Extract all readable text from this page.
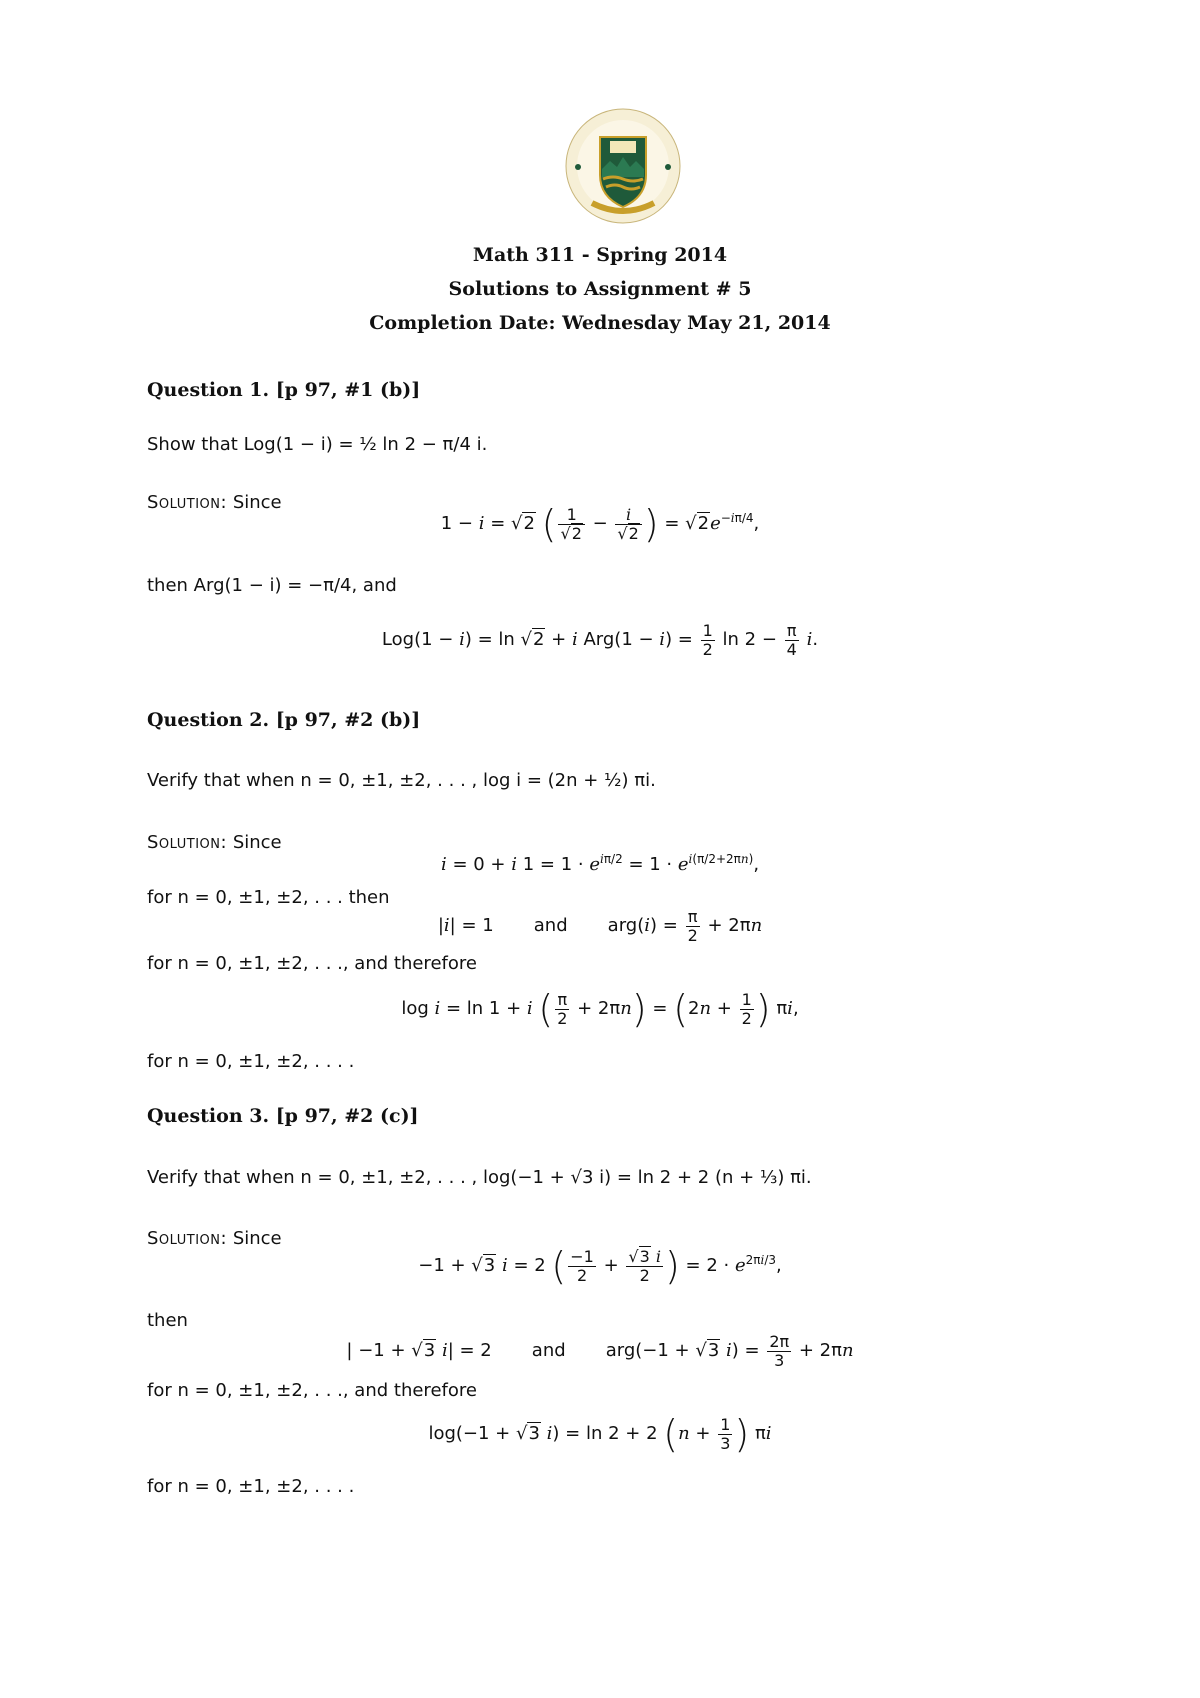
Math 311 - Spring 2014
Solutions to Assignment # 5
Completion Date: Wednesday May 21, 2014
Question 1. [p 97, #1 (b)]
Show that Log(1 − i) = ½ ln 2 − π/4 i.
Solution: Since
1 − i = √2 ( $\frac{1}{√2} - \frac{i}{√2}$ ) = $√2e^{-i\pi/4}$,
then Arg(1 − i) = −π/4, and
Log(1 − i) = ln √2 + i $Arg(1 - i) = \frac{1}{2}$ $\ln 2 - \frac{\pi}{4} i$.
Question 2. [p 97, #2 (b)]
Verify that when n = 0, ±1, ±2, . . . , log i = (2n + ½) πi.
Solution: Since
i = 0 + i $1 = 1 \cdot e^{i\pi/2} = 1 \cdot e^{i(\pi/2+2\pi n)}$,
for n = 0, ±1, ±2, . . . then
|i| = 1       and       $arg(i) = \frac{\pi}{2} + 2\pi n$
for n = 0, ±1, ±2, . . ., and therefore
log i = ln 1 + i ( $\frac{\pi}{2} + 2\pi n) = (2n + \frac{1}{2}$ ) πi,
for n = 0, ±1, ±2, . . . .
Question 3. [p 97, #2 (c)]
Verify that when n = 0, ±1, ±2, . . . , log(−1 + √3 i) = ln 2 + 2 (n + ⅓) πi.
Solution: Since
−1 + √3 i = 2 ( $\frac{-1}{2} + \frac{√3 i}{2}$ ) = $2 \cdot e^{2\pi i/3}$,
then
| −1 + √3 i| = 2       and       arg(−1 + √3 $i) = \frac{2\pi}{3} + 2\pi n$
for n = 0, ±1, ±2, . . ., and therefore
log(−1 + √3 i) = ln 2 + 2 ($n + \frac{1}{3}$ ) πi
for n = 0, ±1, ±2, . . . .
